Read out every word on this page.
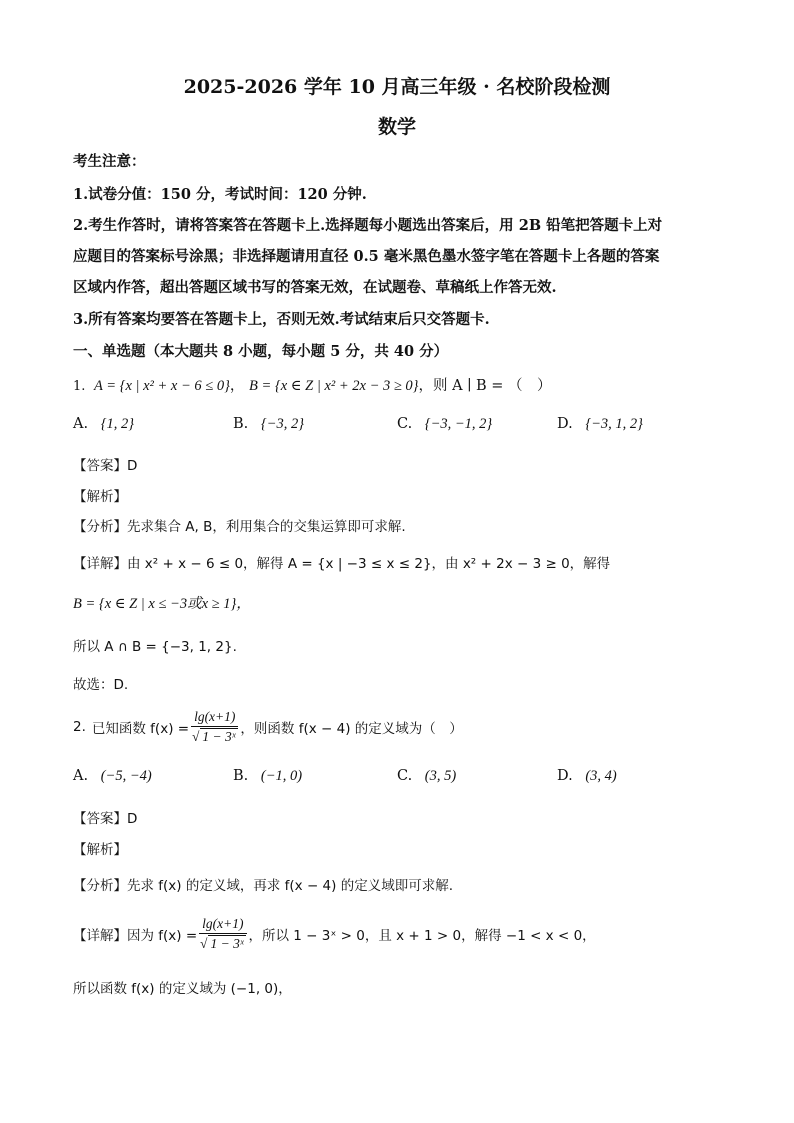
2025-2026 学年 10 月高三年级 · 名校阶段检测
数学
考生注意：
1.试卷分值：150 分，考试时间：120 分钟.
2.考生作答时，请将答案答在答题卡上.选择题每小题选出答案后，用 2B 铅笔把答题卡上对
应题目的答案标号涂黑；非选择题请用直径 0.5 毫米黑色墨水签字笔在答题卡上各题的答案
区域内作答，超出答题区域书写的答案无效，在试题卷、草稿纸上作答无效.
3.所有答案均要答在答题卡上，否则无效.考试结束后只交答题卡.
一、单选题（本大题共 8 小题，每小题 5 分，共 40 分）
1. A = {x | x² + x − 6 ≤ 0}， B = {x ∈ Z | x² + 2x − 3 ≥ 0}，则 A ∣ B = （　）
A. {1, 2}	B. {−3, 2}	C. {−3, −1, 2}	D. {−3, 1, 2}
【答案】D
【解析】
【分析】先求集合 A, B，利用集合的交集运算即可求解.
【详解】由 x² + x − 6 ≤ 0，解得 A = {x | −3 ≤ x ≤ 2}，由 x² + 2x − 3 ≥ 0，解得
B = {x ∈ Z | x ≤ −3或x ≥ 1}，
所以 A ∩ B = {−3, 1, 2}.
故选：D.
2. 已知函数 $f(x) = \frac{\lg(x+1)}{\text{√ 1 − 3ˣ}}$ ，则函数 f(x − 4) 的定义域为（　）
A. (−5, −4)	B. (−1, 0)	C. (3, 5)	D. (3, 4)
【答案】D
【解析】
【分析】先求 f(x) 的定义域，再求 f(x − 4) 的定义域即可求解.
【详解】 因为 $f(x) = \frac{\lg(x+1)}{\text{√ 1 − 3ˣ}}$ ，所以 1 − 3ˣ > 0，且 x + 1 > 0，解得 −1 < x < 0，
所以函数 f(x) 的定义域为 (−1, 0)，
